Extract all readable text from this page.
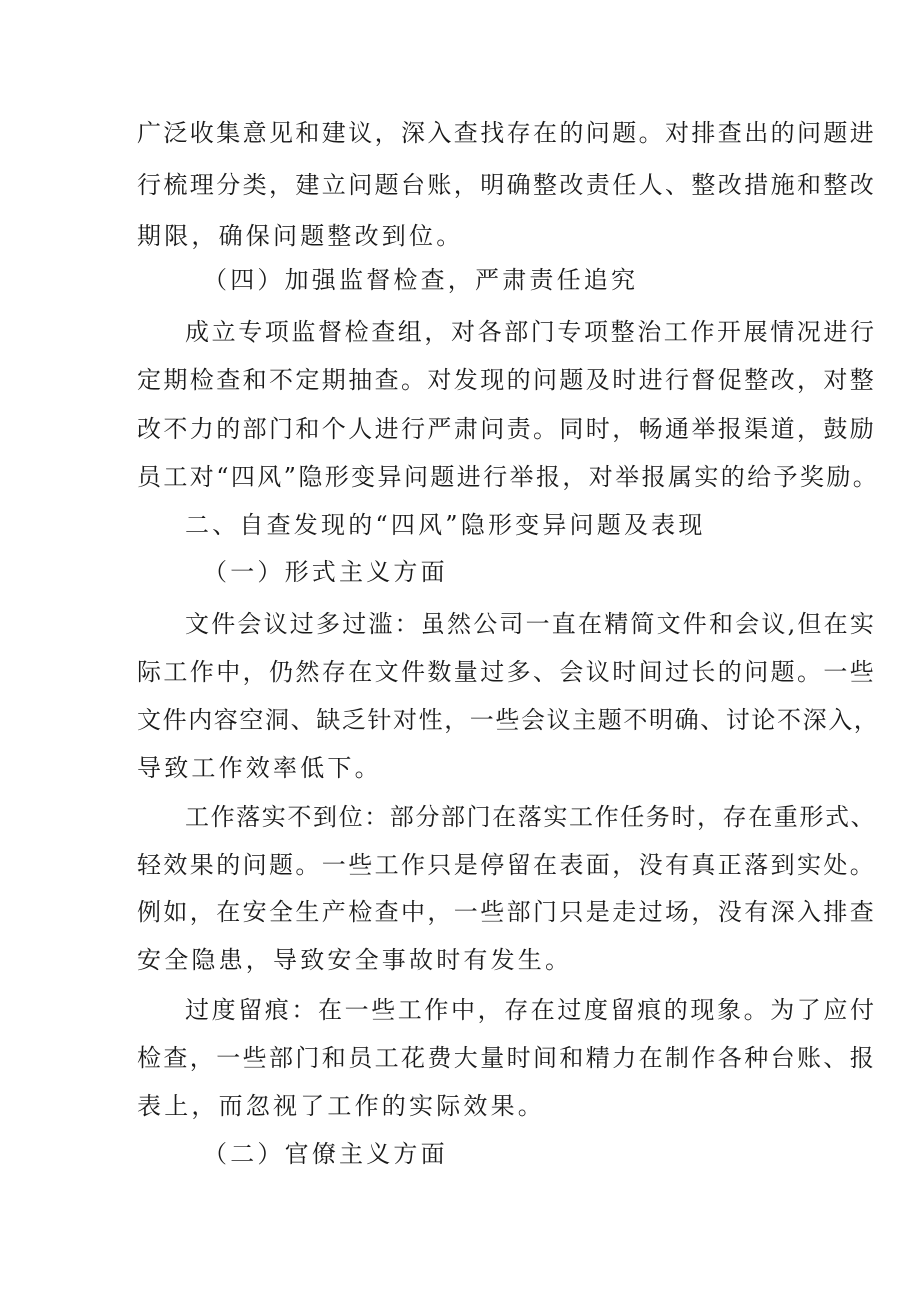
广泛收集意见和建议，深入查找存在的问题。对排查出的问题进
行梳理分类，建立问题台账，明确整改责任人、整改措施和整改
期限，确保问题整改到位。
（四）加强监督检查，严肃责任追究
成立专项监督检查组，对各部门专项整治工作开展情况进行
定期检查和不定期抽查。对发现的问题及时进行督促整改，对整
改不力的部门和个人进行严肃问责。同时，畅通举报渠道，鼓励
员工对“四风”隐形变异问题进行举报，对举报属实的给予奖励。
二、自查发现的“四风”隐形变异问题及表现
（一）形式主义方面
文件会议过多过滥：虽然公司一直在精简文件和会议,但在实
际工作中，仍然存在文件数量过多、会议时间过长的问题。一些
文件内容空洞、缺乏针对性，一些会议主题不明确、讨论不深入，
导致工作效率低下。
工作落实不到位：部分部门在落实工作任务时，存在重形式、
轻效果的问题。一些工作只是停留在表面，没有真正落到实处。
例如，在安全生产检查中，一些部门只是走过场，没有深入排查
安全隐患，导致安全事故时有发生。
过度留痕：在一些工作中，存在过度留痕的现象。为了应付
检查，一些部门和员工花费大量时间和精力在制作各种台账、报
表上，而忽视了工作的实际效果。
（二）官僚主义方面
